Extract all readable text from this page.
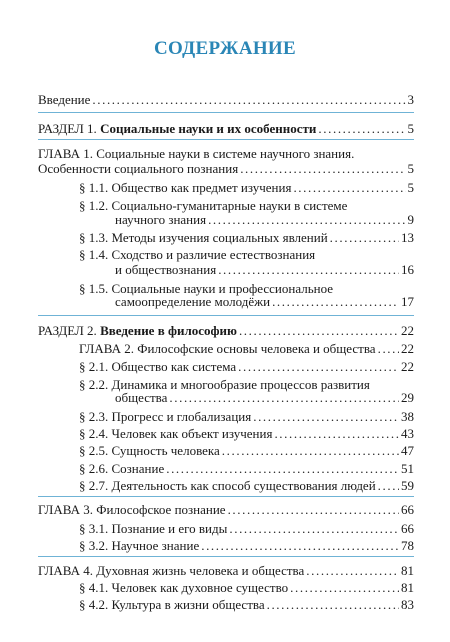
СОДЕРЖАНИЕ
Введение .....	3
РАЗДЕЛ 1. Социальные науки и их особенности .....	5
ГЛАВА 1. Социальные науки в системе научного знания.
Особенности социального познания .....	5
§ 1.1. Общество как предмет изучения .....	5
§ 1.2. Социально-гуманитарные науки в системе
научного знания .....	9
§ 1.3. Методы изучения социальных явлений .....	13
§ 1.4. Сходство и различие естествознания
и обществознания .....	16
§ 1.5. Социальные науки и профессиональное
самоопределение молодёжи .....	17
РАЗДЕЛ 2. Введение в философию .....	22
ГЛАВА 2. Философские основы человека и общества ..... 22
§ 2.1. Общество как система .....	22
§ 2.2. Динамика и многообразие процессов развития
общества .....	29
§ 2.3. Прогресс и глобализация .....	38
§ 2.4. Человек как объект изучения .....	43
§ 2.5. Сущность человека .....	47
§ 2.6. Сознание .....	51
§ 2.7. Деятельность как способ существования людей ..... 59
ГЛАВА 3. Философское познание .....	66
§ 3.1. Познание и его виды .....	66
§ 3.2. Научное знание .....	78
ГЛАВА 4. Духовная жизнь человека и общества .....	81
§ 4.1. Человек как духовное существо .....	81
§ 4.2. Культура в жизни общества .....	83
